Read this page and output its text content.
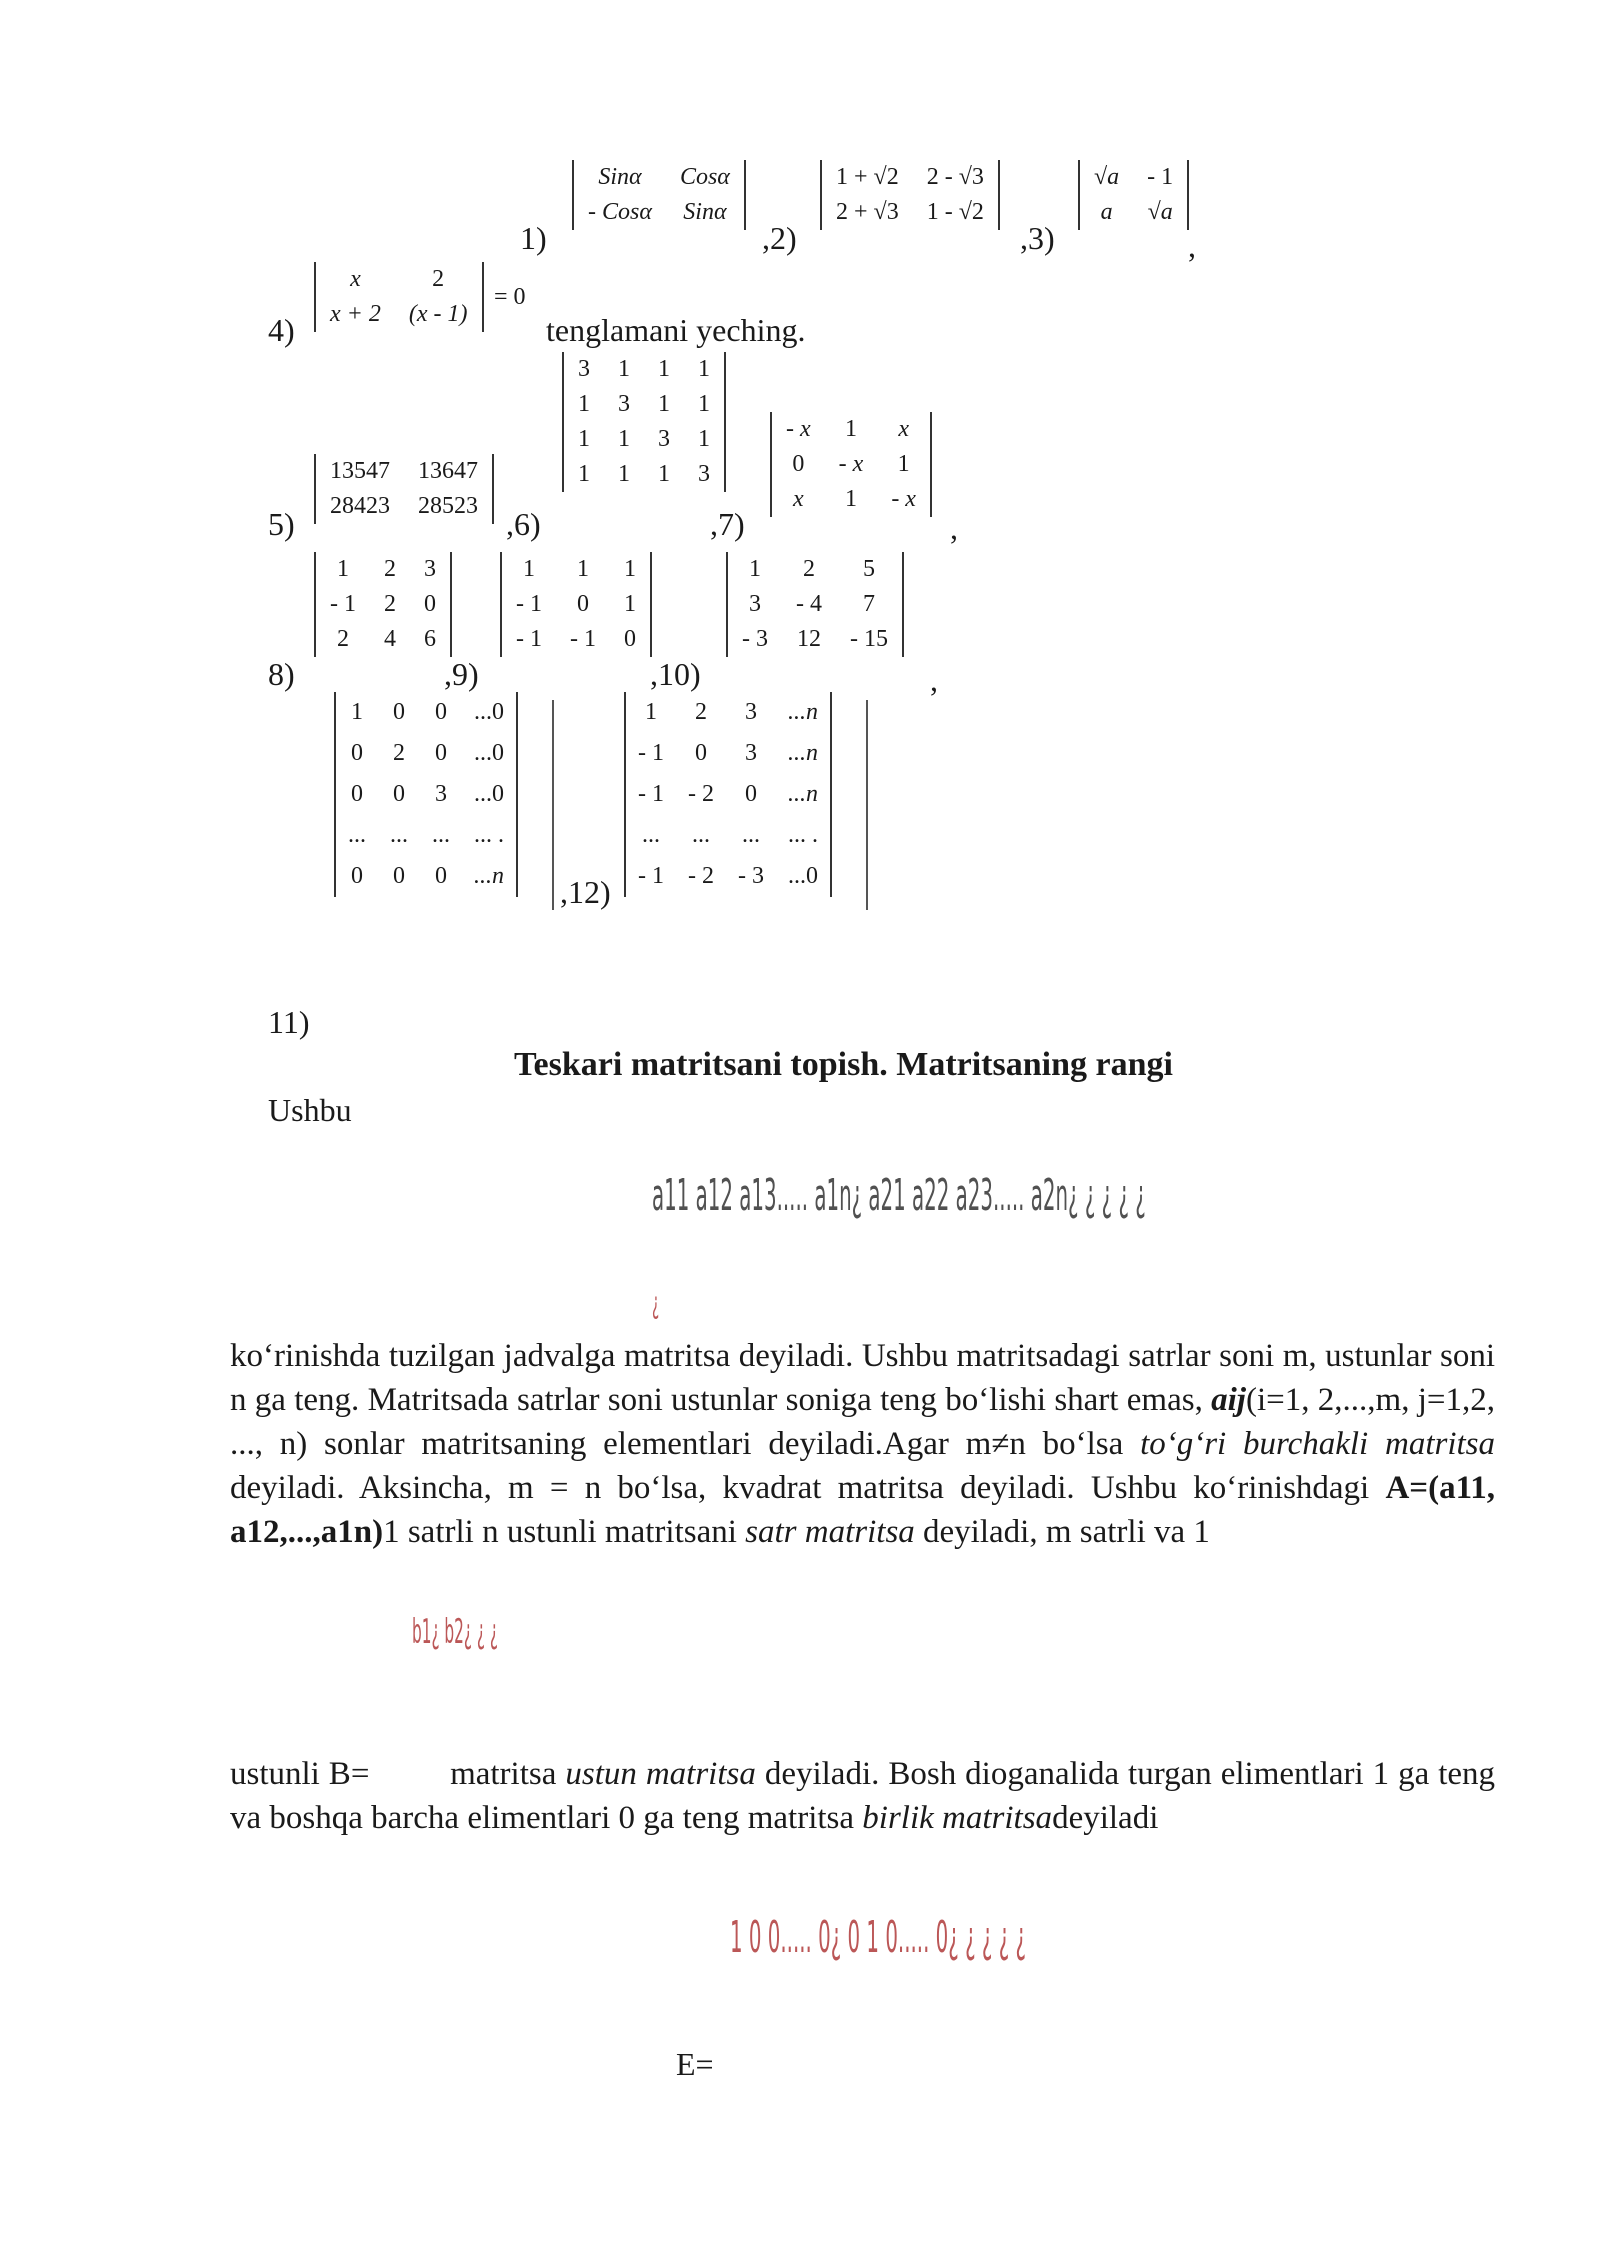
1)
Sinα	Cosα
- Cosα	Sinα
,2)
1 + √2	2 - √3
2 + √3	1 - √2
,3)
√a	- 1
a	√a
,
4)
x	2
x + 2	(x - 1)
= 0
tenglamani yeching.
5)
13547	13647
28423	28523 ,6)
3	1	1	1
1	3	1	1
1	1	3	1
1	1	1	3
,7)
- x	1	x
0	- x	1
x	1	- x
,
8)
1	2	3
- 1	2	0
2	4	6
,9)
1	1	1
- 1	0	1
- 1	- 1	0
,10)
1	2	5
3	- 4	7
- 3	12	- 15
,
1	0	0	...0
0	2	0	...0
0	0	3	...0
...	...	...	... .
0	0	0	...n ,12)
1	2	3	...n
- 1	0	3	...n
- 1	- 2	0	...n
...	...	...	... .
- 1	- 2	- 3	...0
11)
Teskari matritsani topish. Matritsaning rangi
Ushbu
a11 a12 a13..... a1n¿ a21 a22 a23..... a2n¿ ¿ ¿ ¿ ¿
¿
ko‘rinishda tuzilgan jadvalga matritsa deyiladi. Ushbu matritsadagi satrlar soni m, ustunlar soni n ga teng. Matritsada satrlar soni ustunlar soniga teng bo‘lishi shart emas, aij(i=1, 2,...,m, j=1,2, ..., n) sonlar matritsaning elementlari deyiladi.Agar m≠n bo‘lsa to‘g‘ri burchakli matritsa deyiladi. Aksincha, m = n bo‘lsa, kvadrat matritsa deyiladi. Ushbu ko‘rinishdagi A=(a11, a12,...,a1n)1 satrli n ustunli matritsani satr matritsa deyiladi, m satrli va 1
b1¿ b2¿ ¿ ¿
ustunli B= matritsa ustun matritsa deyiladi. Bosh dioganalida turgan elimentlari 1 ga teng va boshqa barcha elimentlari 0 ga teng matritsa birlik matritsadeyiladi
1 0 0..... 0¿ 0 1 0..... 0¿ ¿ ¿ ¿ ¿
E=
